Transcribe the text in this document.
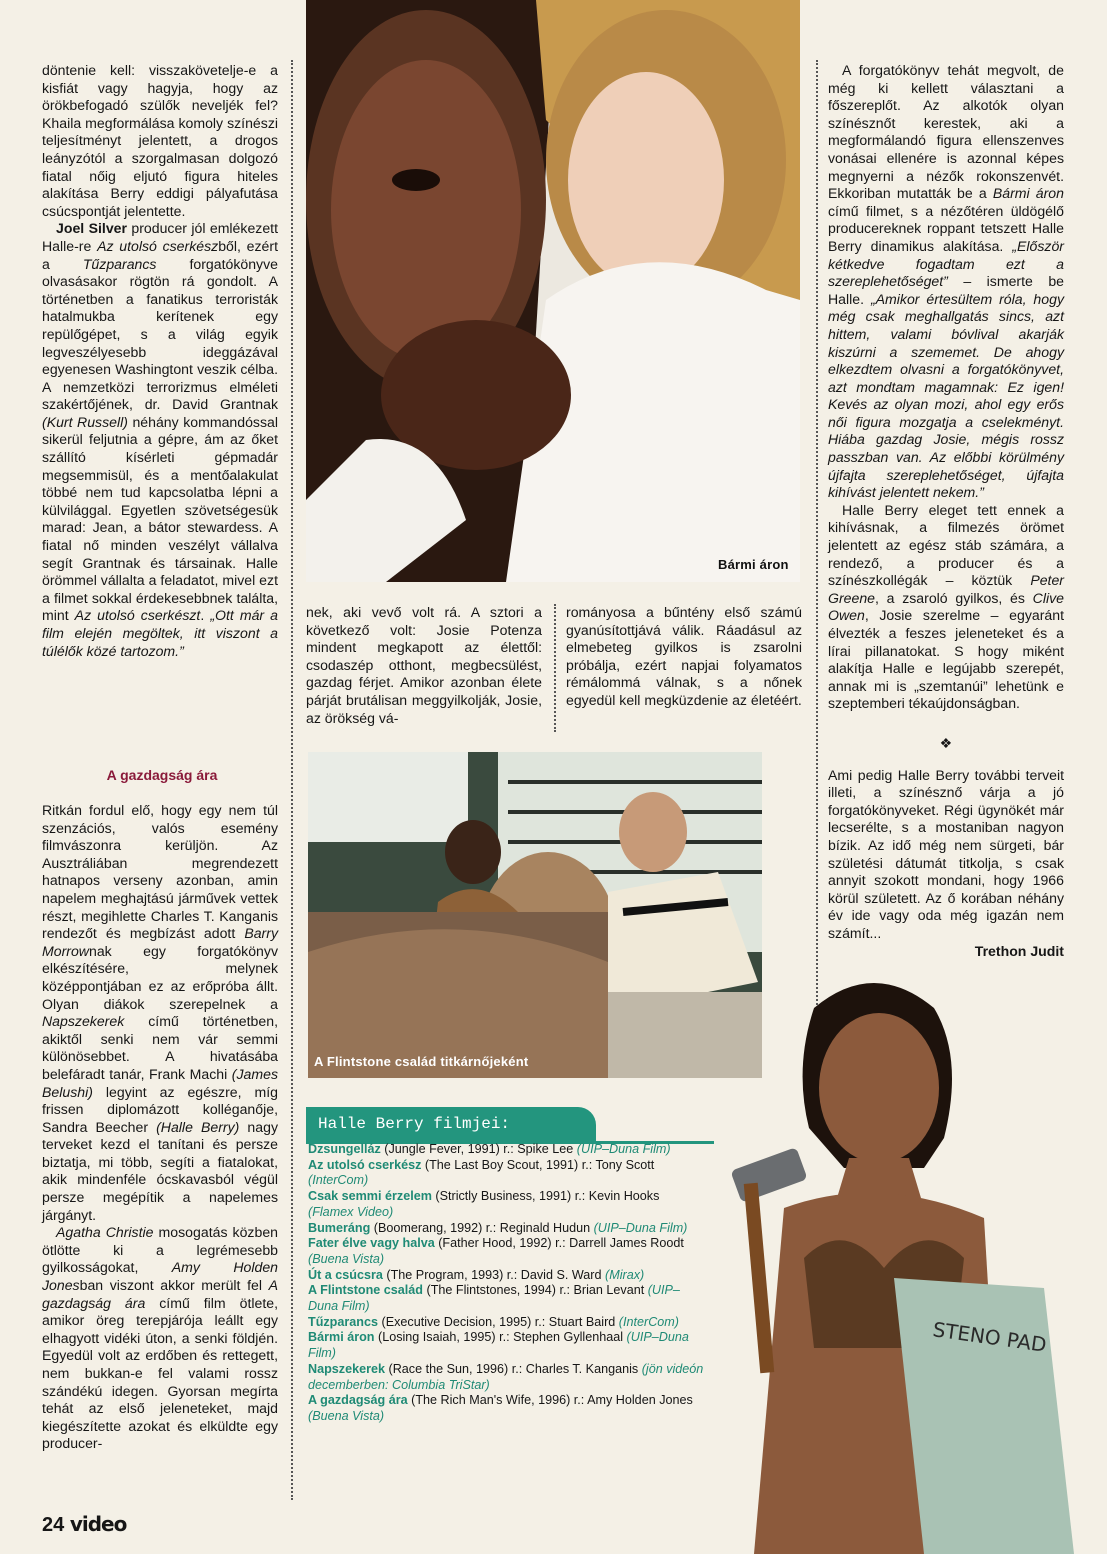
döntenie kell: visszakövetelje-e a kisfiát vagy hagyja, hogy az örökbefogadó szülők neveljék fel? Khaila megformálása komoly színészi teljesítményt jelentett, a drogos leányzótól a szorgalmasan dolgozó fiatal nőig eljutó figura hiteles alakítása Berry eddigi pályafutása csúcspontját jelentette.

Joel Silver producer jól emlékezett Halle-re Az utolsó cserkészből, ezért a Tűzparancs forgatókönyve olvasásakor rögtön rá gondolt. A történetben a fanatikus terroristák hatalmukba kerítenek egy repülőgépet, s a világ egyik legveszélyesebb ideggázával egyenesen Washingtont veszik célba. A nemzetközi terrorizmus elméleti szakértőjének, dr. David Grantnak (Kurt Russell) néhány kommandóssal sikerül feljutnia a gépre, ám az őket szállító kísérleti gépmadár megsemmisül, és a mentőalakulat többé nem tud kapcsolatba lépni a külvilággal. Egyetlen szövetségesük marad: Jean, a bátor stewardess. A fiatal nő minden veszélyt vállalva segít Grantnak és társainak. Halle örömmel vállalta a feladatot, mivel ezt a filmet sokkal érdekesebbnek találta, mint Az utolsó cserkészt. „Ott már a film elején megöltek, itt viszont a túlélők közé tartozom.”

A gazdagság ára

Ritkán fordul elő, hogy egy nem túl szenzációs, valós esemény filmvászonra kerüljön. Az Ausztráliában megrendezett hatnapos verseny azonban, amin napelem meghajtású járművek vettek részt, megihlette Charles T. Kanganis rendezőt és megbízást adott Barry Morrownak egy forgatókönyv elkészítésére, melynek középpontjában ez az erőpróba állt. Olyan diákok szerepelnek a Napszekerek című történetben, akiktől senki nem vár semmi különösebbet. A hivatásába belefáradt tanár, Frank Machi (James Belushi) legyint az egészre, míg frissen diplomázott kolléganője, Sandra Beecher (Halle Berry) nagy terveket kezd el tanítani és persze biztatja, mi több, segíti a fiatalokat, akik mindenféle ócskavasból végül persze megépítik a napelemes járgányt.

Agatha Christie mosogatás közben ötlötte ki a legrémesebb gyilkosságokat, Amy Holden Jonesban viszont akkor merült fel A gazdagság ára című film ötlete, amikor öreg terepjárója leállt egy elhagyott vidéki úton, a senki földjén. Egyedül volt az erdőben és rettegett, nem bukkan-e fel valami rossz szándékú idegen. Gyorsan megírta tehát az első jeleneteket, majd kiegészítette azokat és elküldte egy producer-

Bármi áron

nek, aki vevő volt rá. A sztori a következő volt: Josie Potenza mindent megkapott az élettől: csodaszép otthont, megbecsülést, gazdag férjet. Amikor azonban élete párját brutálisan meggyilkolják, Josie, az örökség vá-

rományosa a bűntény első számú gyanúsítottjává válik. Ráadásul az elmebeteg gyilkos is zsarolni próbálja, ezért napjai folyamatos rémálommá válnak, s a nőnek egyedül kell megküzdenie az életéért.

A Flintstone család titkárnőjeként

A forgatókönyv tehát megvolt, de még ki kellett választani a főszereplőt. Az alkotók olyan színésznőt kerestek, aki a megformálandó figura ellenszenves vonásai ellenére is azonnal képes megnyerni a nézők rokonszenvét. Ekkoriban mutatták be a Bármi áron című filmet, s a nézőtéren üldögélő producereknek roppant tetszett Halle Berry dinamikus alakítása. „Először kétkedve fogadtam ezt a szereplehetőséget” – ismerte be Halle. „Amikor értesültem róla, hogy még csak meghallgatás sincs, azt hittem, valami bóvlival akarják kiszúrni a szememet. De ahogy elkezdtem olvasni a forgatókönyvet, azt mondtam magamnak: Ez igen! Kevés az olyan mozi, ahol egy erős női figura mozgatja a cselekményt. Hiába gazdag Josie, mégis rossz passzban van. Az előbbi körülmény újfajta szereplehetőséget, újfajta kihívást jelentett nekem.”

Halle Berry eleget tett ennek a kihívásnak, a filmezés örömet jelentett az egész stáb számára, a rendező, a producer és a színészkollégák – köztük Peter Greene, a zsaroló gyilkos, és Clive Owen, Josie szerelme – egyaránt élvezték a feszes jeleneteket és a lírai pillanatokat. S hogy miként alakítja Halle e legújabb szerepét, annak mi is „szemtanúi” lehetünk e szeptemberi tékaújdonságban.

❖

Ami pedig Halle Berry további terveit illeti, a színésznő várja a jó forgatókönyveket. Régi ügynökét már lecserélte, s a mostaniban nagyon bízik. Az idő még nem sürgeti, bár születési dátumát titkolja, s csak annyit szokott mondani, hogy 1966 körül született. Az ő korában néhány év ide vagy oda még igazán nem számít...

Trethon Judit
STENO PAD
Halle Berry filmjei:

Dzsungelláz (Jungle Fever, 1991) r.: Spike Lee (UIP–Duna Film)

Az utolsó cserkész (The Last Boy Scout, 1991) r.: Tony Scott (InterCom)

Csak semmi érzelem (Strictly Business, 1991) r.: Kevin Hooks (Flamex Video)

Bumeráng (Boomerang, 1992) r.: Reginald Hudun (UIP–Duna Film)

Fater élve vagy halva (Father Hood, 1992) r.: Darrell James Roodt (Buena Vista)

Út a csúcsra (The Program, 1993) r.: David S. Ward (Mirax)

A Flintstone család (The Flintstones, 1994) r.: Brian Levant (UIP–Duna Film)

Tűzparancs (Executive Decision, 1995) r.: Stuart Baird (InterCom)

Bármi áron (Losing Isaiah, 1995) r.: Stephen Gyllenhaal (UIP–Duna Film)

Napszekerek (Race the Sun, 1996) r.: Charles T. Kanganis (jön videón decemberben: Columbia TriStar)

A gazdagság ára (The Rich Man's Wife, 1996) r.: Amy Holden Jones (Buena Vista)

24 video
